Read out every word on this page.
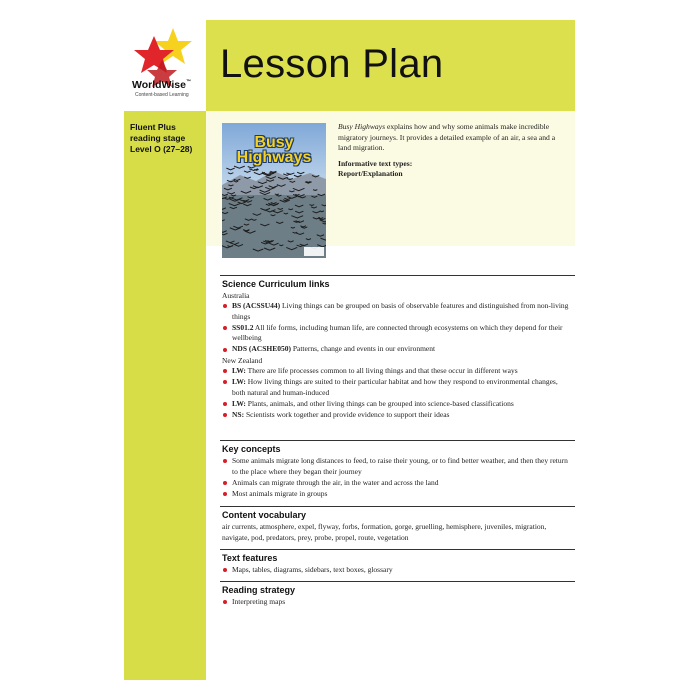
Lesson Plan
WorldWise™
Content-based Learning
Fluent Plus
reading stage
Level O (27–28)	Busy
Highways

Busy Highways explains how and why some animals make incredible migratory journeys. It provides a detailed example of an air, a sea and a land migration.

Informative text types:

Report/Explanation

Science Curriculum links
Australia
BS (ACSSU44) Living things can be grouped on basis of observable features and distinguished from non-living things
SS01.2 All life forms, including human life, are connected through ecosystems on which they depend for their wellbeing
NDS (ACSHE050) Patterns, change and events in our environment
New Zealand
LW: There are life processes common to all living things and that these occur in different ways
LW: How living things are suited to their particular habitat and how they respond to environmental changes, both natural and human-induced
LW: Plants, animals, and other living things can be grouped into science-based classifications
NS: Scientists work together and provide evidence to support their ideas
Key concepts
Some animals migrate long distances to feed, to raise their young, or to find better weather, and then they return to the place where they began their journey
Animals can migrate through the air, in the water and across the land
Most animals migrate in groups
Content vocabulary

air currents, atmosphere, expel, flyway, forbs, formation, gorge, gruelling, hemisphere, juveniles, migration, navigate, pod, predators, prey, probe, propel, route, vegetation

Text features
Maps, tables, diagrams, sidebars, text boxes, glossary
Reading strategy
Interpreting maps
